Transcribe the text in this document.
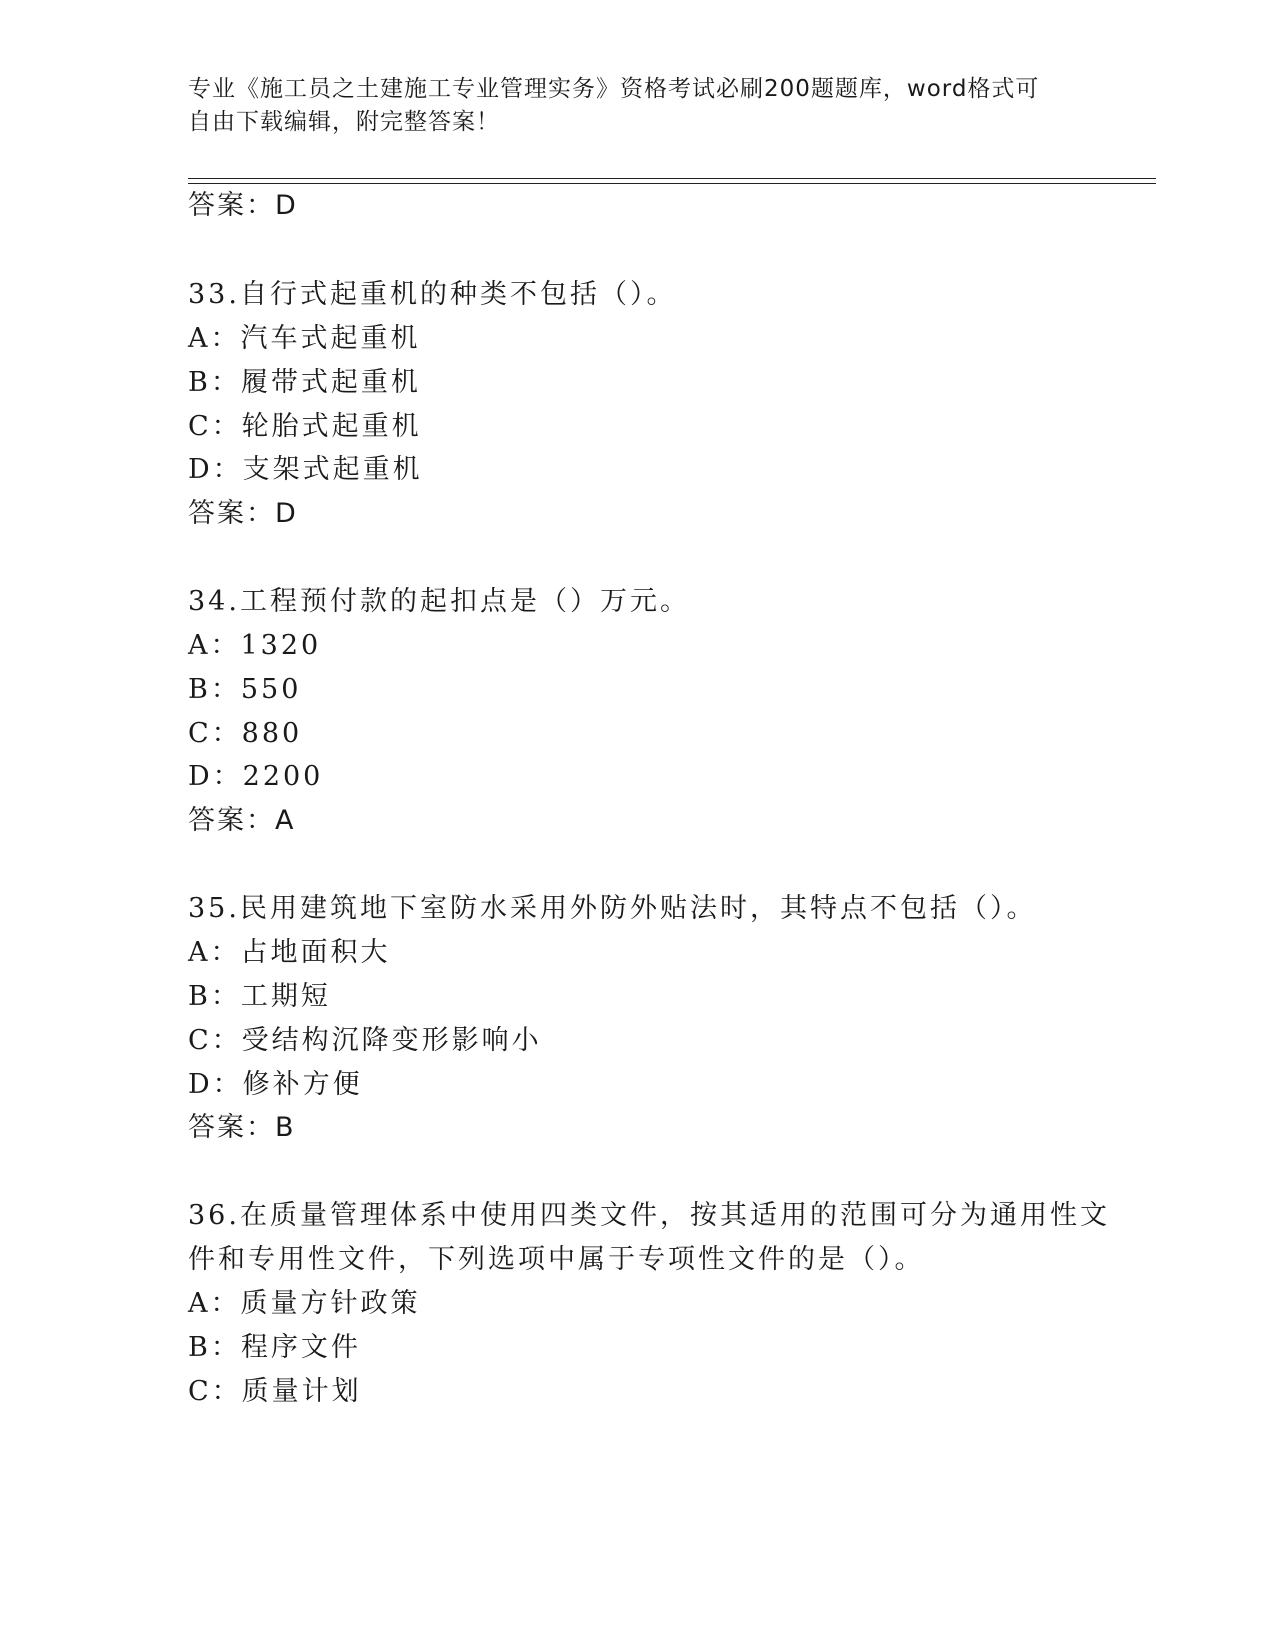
专业《施工员之土建施工专业管理实务》资格考试必刷200题题库，word格式可
自由下载编辑，附完整答案！
答案：D
33.自行式起重机的种类不包括（）。
A：汽车式起重机
B：履带式起重机
C：轮胎式起重机
D：支架式起重机
答案：D
34.工程预付款的起扣点是（）万元。
A：1320
B：550
C：880
D：2200
答案：A
35.民用建筑地下室防水采用外防外贴法时，其特点不包括（）。
A：占地面积大
B：工期短
C：受结构沉降变形影响小
D：修补方便
答案：B
36.在质量管理体系中使用四类文件，按其适用的范围可分为通用性文
件和专用性文件，下列选项中属于专项性文件的是（）。
A：质量方针政策
B：程序文件
C：质量计划
